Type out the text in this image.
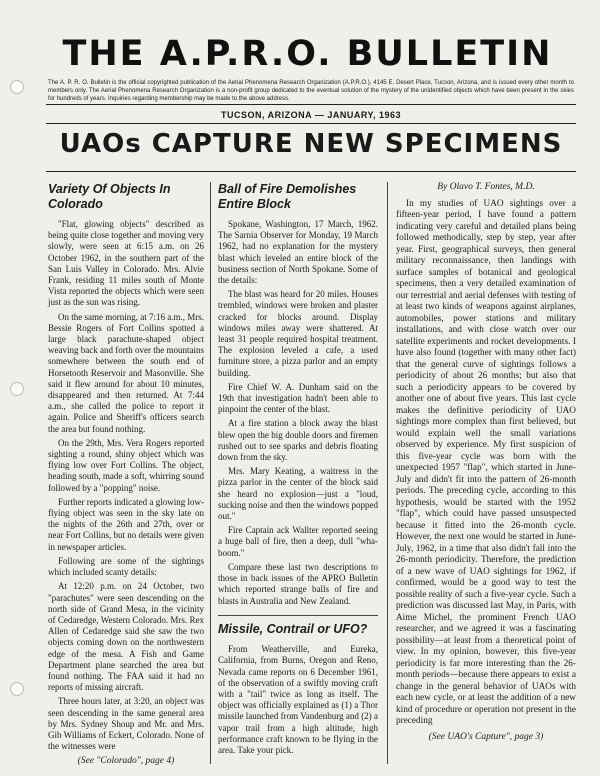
THE A.P.R.O. BULLETIN
The A. P. R. O. Bulletin is the official copyrighted publication of the Aerial Phenomena Research Organization (A.P.R.O.), 4145 E. Desert Place, Tucson, Arizona, and is issued every other month to members only. The Aerial Phenomena Research Organization is a non-profit group dedicated to the eventual solution of the mystery of the unidentified objects which have been present in the skies for hundreds of years. Inquiries regarding membership may be made to the above address.
TUCSON, ARIZONA — JANUARY, 1963
UAOs CAPTURE NEW SPECIMENS
Variety Of Objects In Colorado

"Flat, glowing objects" described as being quite close together and moving very slowly, were seen at 6:15 a.m. on 26 October 1962, in the southern part of the San Luis Valley in Colorado. Mrs. Alvie Frank, residing 11 miles south of Monte Vista reported the objects which were seen just as the sun was rising.

On the same morning, at 7:16 a.m., Mrs. Bessie Rogers of Fort Collins spotted a large black parachute-shaped object weaving back and forth over the mountains somewhere between the south end of Horsetooth Reservoir and Masonville. She said it flew around for about 10 minutes, disappeared and then returned. At 7:44 a.m., she called the police to report it again. Police and Sheriff's officers search the area but found nothing.

On the 29th, Mrs. Vera Rogers reported sighting a round, shiny object which was flying low over Fort Collins. The object, heading south, made a soft, whirring sound followed by a "popping" noise.

Further reports indicated a glowing low-flying object was seen in the sky late on the nights of the 26th and 27th, over or near Fort Collins, but no details were given in newspaper articles.

Following are some of the sightings which included scanty details:

At 12:20 p.m. on 24 October, two "parachutes" were seen descending on the north side of Grand Mesa, in the vicinity of Cedaredge, Western Colorado. Mrs. Rex Allen of Cedaredge said she saw the two objects coming down on the northwestern edge of the mesa. A Fish and Game Department plane searched the area but found nothing. The FAA said it had no reports of missing aircraft.

Three hours later, at 3:20, an object was seen descending in the same general area by Mrs. Sydney Shoup and Mr. and Mrs. Gib Williams of Eckert, Colorado. None of the witnesses were

(See "Colorado", page 4)
Ball of Fire Demolishes Entire Block

Spokane, Washington, 17 March, 1962. The Sarnia Observer for Monday, 19 March 1962, had no explanation for the mystery blast which leveled an entire block of the business section of North Spokane. Some of the details:

The blast was heard for 20 miles. Houses trembled, windows were broken and plaster cracked for blocks around. Display windows miles away were shattered. At least 31 people required hospital treatment. The explosion leveled a cafe, a used furniture store, a pizza parlor and an empty building.

Fire Chief W. A. Dunham said on the 19th that investigation hadn't been able to pinpoint the center of the blast.

At a fire station a block away the blast blew open the big double doors and firemen rushed out to see sparks and debris floating down from the sky.

Mrs. Mary Keating, a waitress in the pizza parlor in the center of the block said she heard no explosion—just a "loud, sucking noise and then the windows popped out."

Fire Captain ack Wallter reported seeing a huge ball of fire, then a deep, dull "wha-boom."

Compare these last two descriptions to those in back issues of the APRO Bulletin which reported strange balls of fire and blasts in Australia and New Zealand.

Missile, Contrail or UFO?

From Weatherville, and Eureka, California, from Burns, Oregon and Reno, Nevada came reports on 6 December 1961, of the observation of a swiftly moving craft with a "tail" twice as long as itself. The object was officially explained as (1) a Thor missile launched from Vandenburg and (2) a vapor trail from a high altitude, high performance craft known to be flying in the area. Take your pick.

By Olavo T. Fontes, M.D.

In my studies of UAO sightings over a fifteen-year period, I have found a pattern indicating very careful and detailed plans being followed methodically, step by step, year after year. First, geographical surveys, then general military reconnaissance, then landings with surface samples of botanical and geological specimens, then a very detailed examination of our terrestrial and aerial defenses with testing of at least two kinds of weapons against airplanes, automobiles, power stations and military installations, and with close watch over our satellite experiments and rocket developments. I have also found (together with many other fact) that the general curve of sightings follows a periodicity of about 26 months; but also that such a periodicity appears to be covered by another one of about five years. This last cycle makes the definitive periodicity of UAO sightings more complex than first believed, but would explain well the small variations observed by experience. My first suspicion of this five-year cycle was born with the unexpected 1957 "flap", which started in June-July and didn't fit into the pattern of 26-month periods. The preceding cycle, according to this hypothesis, would be started with the 1952 "flap", which could have passed unsuspected because it fitted into the 26-month cycle. However, the next one would be started in June-July, 1962, in a time that also didn't fall into the 26-month periodicity. Therefore, the prediction of a new wave of UAO sightings for 1962, if confirmed, would be a good way to test the possible reality of such a five-year cycle. Such a prediction was discussed last May, in Paris, with Aime Michel, the prominent French UAO researcher, and we agreed it was a fascinating possibility—at least from a theoretical point of view. In my opinion, however, this five-year periodicity is far more interesting than the 26-month periods—because there appears to exist a change in the general behavior of UAOs with each new cycle, or at least the addition of a new kind of procedure or operation not present in the preceding

(See UAO's Capture", page 3)
